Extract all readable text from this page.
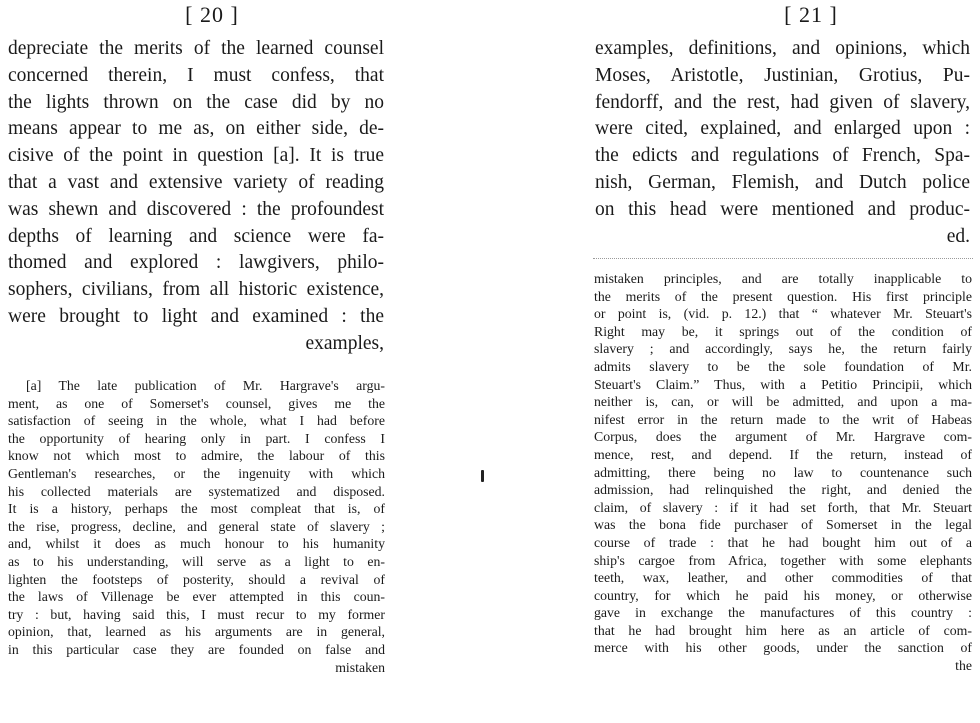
[ 20 ]
depreciate the merits of the learned counsel
concerned therein, I must confess, that
the lights thrown on the case did by no
means appear to me as, on either side, de-
cisive of the point in question [a]. It is true
that a vast and extensive variety of reading
was shewn and discovered : the profoundest
depths of learning and science were fa-
thomed and explored : lawgivers, philo-
sophers, civilians, from all historic existence,
were brought to light and examined : the
examples,
[a] The late publication of Mr. Hargrave's argu-
ment, as one of Somerset's counsel, gives me the
satisfaction of seeing in the whole, what I had before
the opportunity of hearing only in part. I confess I
know not which most to admire, the labour of this
Gentleman's researches, or the ingenuity with which
his collected materials are systematized and disposed.
It is a history, perhaps the most compleat that is, of
the rise, progress, decline, and general state of slavery ;
and, whilst it does as much honour to his humanity
as to his understanding, will serve as a light to en-
lighten the footsteps of posterity, should a revival of
the laws of Villenage be ever attempted in this coun-
try : but, having said this, I must recur to my former
opinion, that, learned as his arguments are in general,
in this particular case they are founded on false and
mistaken
[ 21 ]
examples, definitions, and opinions, which
Moses, Aristotle, Justinian, Grotius, Pu-
fendorff, and the rest, had given of slavery,
were cited, explained, and enlarged upon :
the edicts and regulations of French, Spa-
nish, German, Flemish, and Dutch police
on this head were mentioned and produc-
ed.
mistaken principles, and are totally inapplicable to
the merits of the present question. His first principle
or point is, (vid. p. 12.) that “ whatever Mr. Steuart's
Right may be, it springs out of the condition of
slavery ; and accordingly, says he, the return fairly
admits slavery to be the sole foundation of Mr.
Steuart's Claim.” Thus, with a Petitio Principii, which
neither is, can, or will be admitted, and upon a ma-
nifest error in the return made to the writ of Habeas
Corpus, does the argument of Mr. Hargrave com-
mence, rest, and depend. If the return, instead of
admitting, there being no law to countenance such
admission, had relinquished the right, and denied the
claim, of slavery : if it had set forth, that Mr. Steuart
was the bona fide purchaser of Somerset in the legal
course of trade : that he had bought him out of a
ship's cargoe from Africa, together with some elephants
teeth, wax, leather, and other commodities of that
country, for which he paid his money, or otherwise
gave in exchange the manufactures of this country :
that he had brought him here as an article of com-
merce with his other goods, under the sanction of
the
